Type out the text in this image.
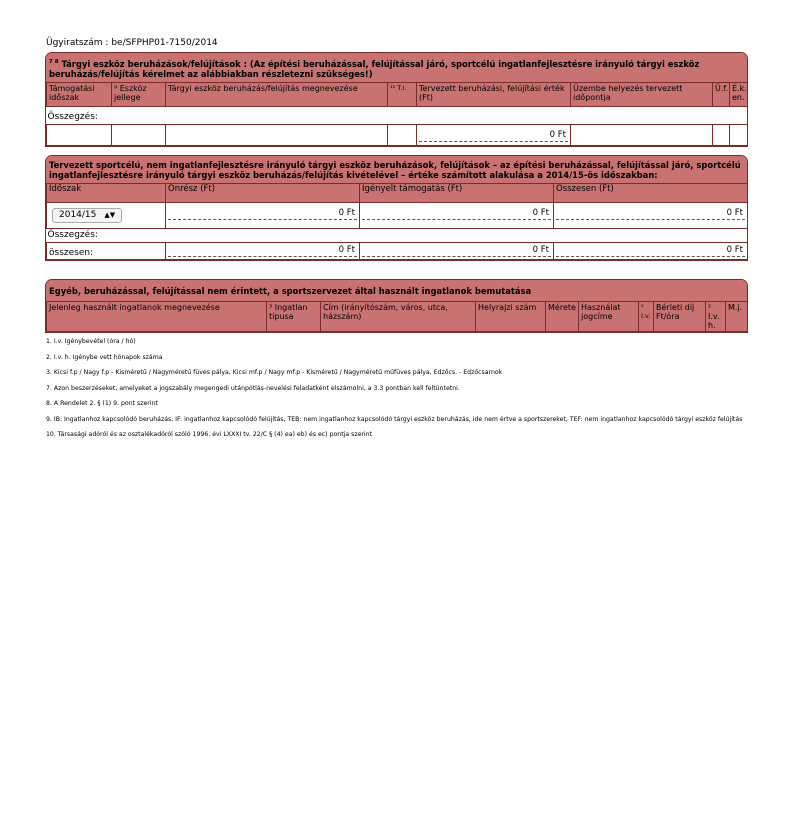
Ügyiratszám : be/SFPHP01-7150/2014
$^{7 8}$ Tárgyi eszköz beruházások/felújítások : (Az építési beruházással, felújítással járó, sportcélú ingatlanfejlesztésre irányuló tárgyi eszköz beruházás/felújítás kérelmet az alábbiakban részletezni szükséges!)
Támogatási időszak	⁹ Eszköz jellege	Tárgyi eszköz beruházás/felújítás megnevezése	¹⁰ T.I.	Tervezett beruházási, felújítási érték (Ft)	Üzembe helyezés tervezett időpontja	Ü.f.	É.k. en.
Összegzés:							

				0 Ft			

Tervezett sportcélú, nem ingatlanfejlesztésre irányuló tárgyi eszköz beruházások, felújítások – az építési beruházással, felújítással járó, sportcélú ingatlanfejlesztésre irányuló tárgyi eszköz beruházás/felújítás kivételével – értéke számított alakulása a 2014/15-ös időszakban:
Időszak	Önrész (Ft)	Igényelt támogatás (Ft)	Összesen (Ft)
2014/15 ▲▼	0 Ft	0 Ft	0 Ft

Összegzés:			
összesen:	0 Ft	0 Ft	0 Ft
Egyéb, beruházással, felújítással nem érintett, a sportszervezet által használt ingatlanok bemutatása
Jelenleg használt ingatlanok megnevezése	³ Ingatlan típusa	Cím (irányítószám, város, utca, házszám)	Helyrajzi szám	Mérete	Használat jogcíme	¹ I.v.	Bérleti díj Ft/óra	² I.v. h.	M.j.
1. I.v. Igénybevétel (óra / hó)
2. I.v. h. Igénybe vett hónapok száma
3. Kicsi f.p / Nagy f.p - Kisméretű / Nagyméretű füves pálya, Kicsi mf.p / Nagy mf.p - Kisméretű / Nagyméretű műfüves pálya, Edzőcs. - Edzőcsarnok
7. Azon beszerzéseket, amelyeket a jogszabály megengedi utánpótlás-nevelési feladatként elszámolni, a 3.3 pontban kell feltüntetni.
8. A Rendelet 2. § (1) 9. pont szerint
9. IB: Ingatlanhoz kapcsolódó beruházás, IF: ingatlanhoz kapcsolódó felújítás, TEB: nem ingatlanhoz kapcsolódó tárgyi eszköz beruházás, ide nem értve a sportszereket, TEF: nem ingatlanhoz kapcsolódó tárgyi eszköz felújítás
10. Társasági adóról és az osztalékadóról szóló 1996. évi LXXXI tv. 22/C § (4) ea) eb) és ec) pontja szerint
